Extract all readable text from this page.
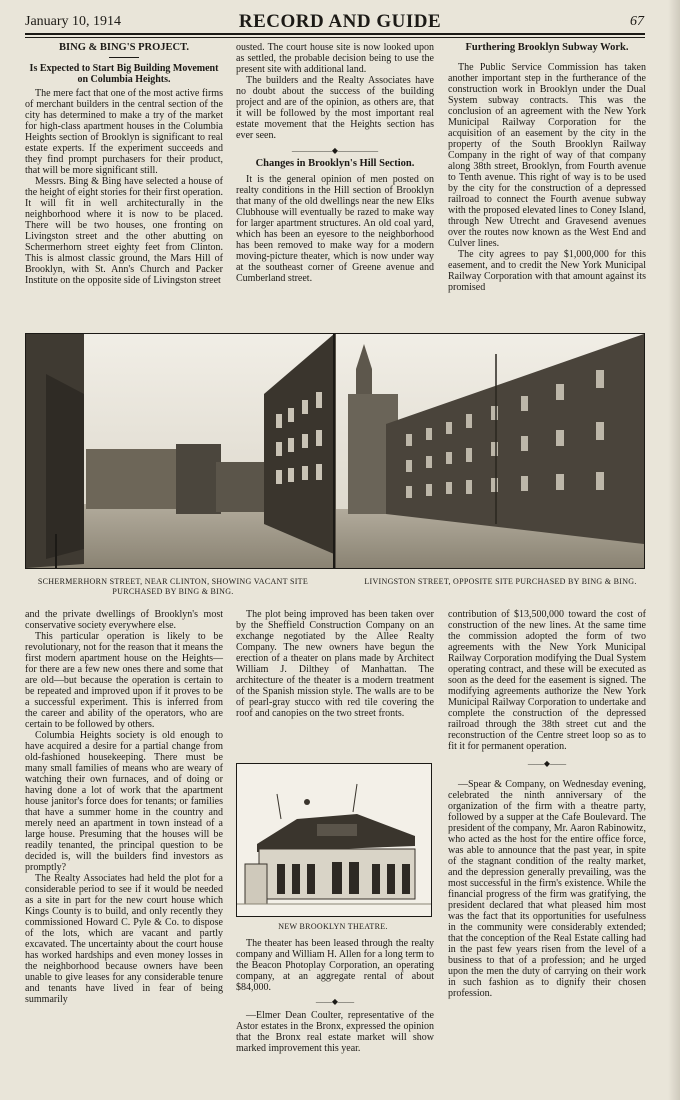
January 10, 1914	RECORD AND GUIDE	67

BING & BING'S PROJECT.

Is Expected to Start Big Building Movement on Columbia Heights.

The mere fact that one of the most active firms of merchant builders in the central section of the city has determined to make a try of the market for high-class apartment houses in the Columbia Heights section of Brooklyn is significant to real estate experts. If the experiment succeeds and they find prompt purchasers for their product, that will be more significant still.

Messrs. Bing & Bing have selected a house of the height of eight stories for their first operation. It will fit in well architecturally in the neighborhood where it is now to be placed. There will be two houses, one fronting on Livingston street and the other abutting on Schermerhorn street eighty feet from Clinton. This is almost classic ground, the Mars Hill of Brooklyn, with St. Ann's Church and Packer Institute on the opposite side of Livingston street

ousted. The court house site is now looked upon as settled, the probable decision being to use the present site with additional land.

The builders and the Realty Associates have no doubt about the success of the building project and are of the opinion, as others are, that it will be followed by the most important real estate movement that the Heights section has ever seen.

—————◆—————

Changes in Brooklyn's Hill Section.

It is the general opinion of men posted on realty conditions in the Hill section of Brooklyn that many of the old dwellings near the new Elks Clubhouse will eventually be razed to make way for larger apartment structures. An old coal yard, which has been an eyesore to the neighborhood has been removed to make way for a modern moving-picture theater, which is now under way at the southeast corner of Greene avenue and Cumberland street.

Furthering Brooklyn Subway Work.

The Public Service Commission has taken another important step in the furtherance of the construction work in Brooklyn under the Dual System subway contracts. This was the conclusion of an agreement with the New York Municipal Railway Corporation for the acquisition of an easement by the city in the property of the South Brooklyn Railway Company in the right of way of that company along 38th street, Brooklyn, from Fourth avenue to Tenth avenue. This right of way is to be used by the city for the construction of a depressed railroad to connect the Fourth avenue subway with the proposed elevated lines to Coney Island, through New Utrecht and Gravesend avenues over the routes now known as the West End and Culver lines.

The city agrees to pay $1,000,000 for this easement, and to credit the New York Municipal Railway Corporation with that amount against its promised

SCHERMERHORN STREET, NEAR CLINTON, SHOWING VACANT SITE PURCHASED BY BING & BING.
LIVINGSTON STREET, OPPOSITE SITE PURCHASED BY BING & BING.

and the private dwellings of Brooklyn's most conservative society everywhere else.

This particular operation is likely to be revolutionary, not for the reason that it means the first modern apartment house on the Heights—for there are a few new ones there and some that are old—but because the operation is certain to be repeated and improved upon if it proves to be a successful experiment. This is inferred from the career and ability of the operators, who are certain to be followed by others.

Columbia Heights society is old enough to have acquired a desire for a partial change from old-fashioned housekeeping. There must be many small families of means who are weary of watching their own furnaces, and of doing or having done a lot of work that the apartment house janitor's force does for tenants; or families that have a summer home in the country and merely need an apartment in town instead of a large house. Presuming that the houses will be readily tenanted, the principal question to be decided is, will the builders find investors as promptly?

The Realty Associates had held the plot for a considerable period to see if it would be needed as a site in part for the new court house which Kings County is to build, and only recently they commissioned Howard C. Pyle & Co. to dispose of the lots, which are vacant and partly excavated. The uncertainty about the court house has worked hardships and even money losses in the neighborhood because owners have been unable to give leases for any considerable tenure and tenants have lived in fear of being summarily

The plot being improved has been taken over by the Sheffield Construction Company on an exchange negotiated by the Allee Realty Company. The new owners have begun the erection of a theater on plans made by Architect William J. Dilthey of Manhattan. The architecture of the theater is a modern treatment of the Spanish mission style. The walls are to be of pearl-gray stucco with red tile covering the roof and canopies on the two street fronts.

NEW BROOKLYN THEATRE.

The theater has been leased through the realty company and William H. Allen for a long term to the Beacon Photoplay Corporation, an operating company, at an aggregate rental of about $84,000.

——◆——

—Elmer Dean Coulter, representative of the Astor estates in the Bronx, expressed the opinion that the Bronx real estate market will show marked improvement this year.

contribution of $13,500,000 toward the cost of construction of the new lines. At the same time the commission adopted the form of two agreements with the New York Municipal Railway Corporation modifying the Dual System operating contract, and these will be executed as soon as the deed for the easement is signed. The modifying agreements authorize the New York Municipal Railway Corporation to undertake and complete the construction of the depressed railroad through the 38th street cut and the reconstruction of the Centre street loop so as to fit it for permanent operation.

——◆——

—Spear & Company, on Wednesday evening, celebrated the ninth anniversary of the organization of the firm with a theatre party, followed by a supper at the Cafe Boulevard. The president of the company, Mr. Aaron Rabinowitz, who acted as the host for the entire office force, was able to announce that the past year, in spite of the stagnant condition of the realty market, and the depression generally prevailing, was the most successful in the firm's existence. While the financial progress of the firm was gratifying, the president declared that what pleased him most was the fact that its opportunities for usefulness in the community were considerably extended; that the conception of the Real Estate calling had in the past few years risen from the level of a business to that of a profession; and he urged upon the men the duty of carrying on their work in such fashion as to dignify their chosen profession.
